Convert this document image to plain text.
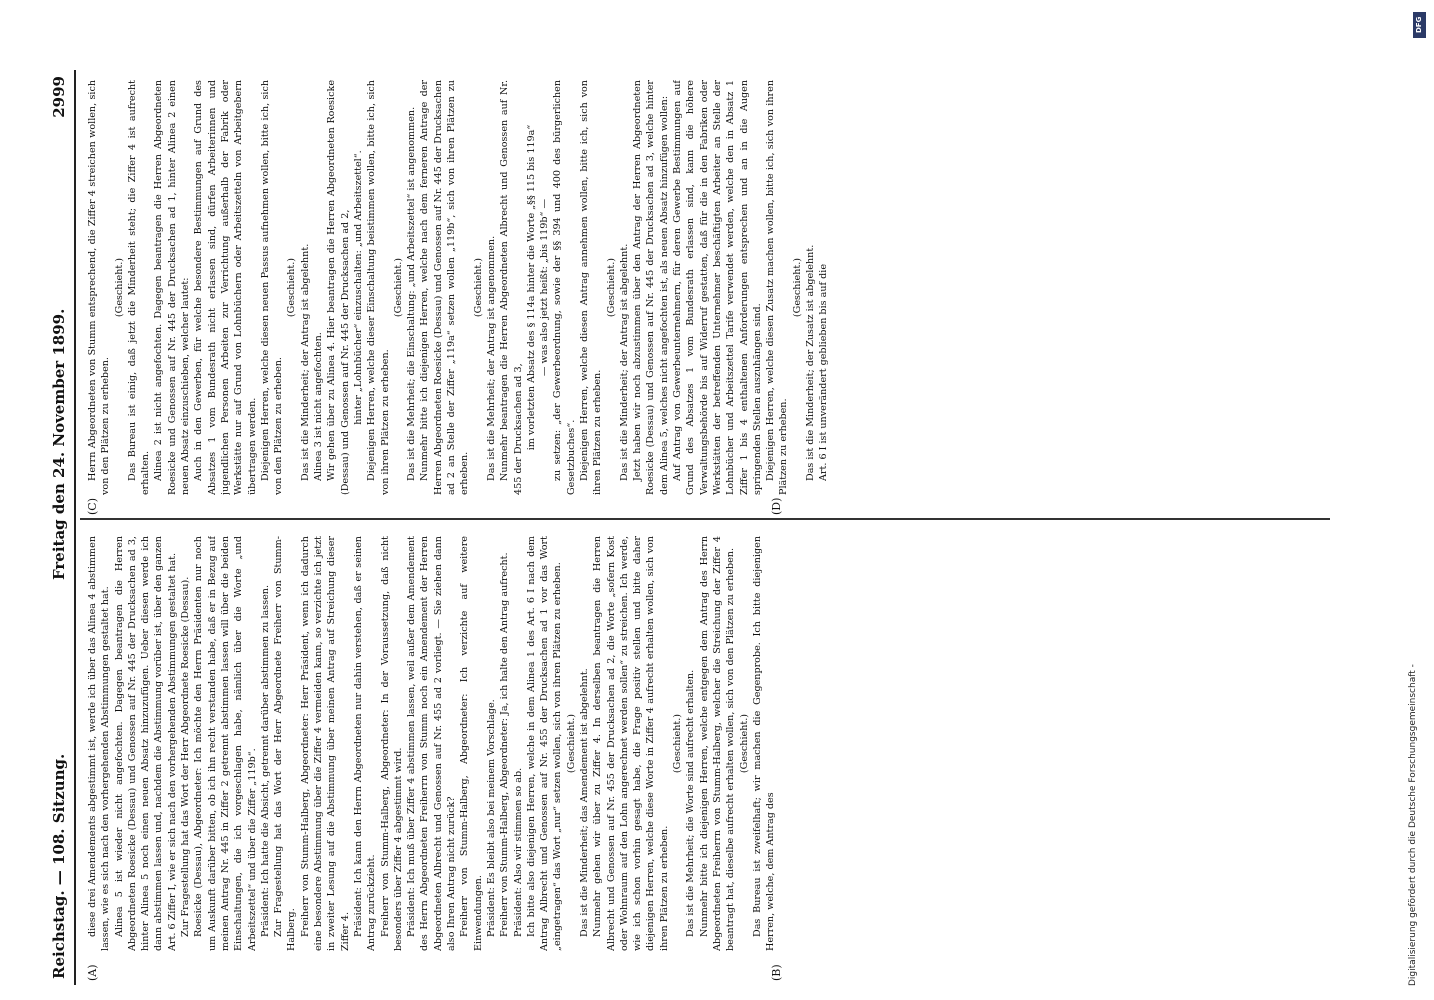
Reichstag. — 108. Sitzung.
Freitag den 24. November 1899.
2999
(A)	(B)
(C)	(D)

diese drei Amendements abgestimmt ist, werde ich über das Alinea 4 abstimmen lassen, wie es sich nach den vorhergehenden Abstimmungen gestaltet hat. Alinea 5 ist wieder nicht angefochten. Dagegen beantragen die Herren Abgeordneten Roesicke (Dessau) und Genossen auf Nr. 445 der Drucksachen ad 3, hinter Alinea 5 noch einen neuen Absatz hinzuzufügen. Ueber diesen werde ich dann abstimmen lassen und, nachdem die Abstimmung vorüber ist, über den ganzen Art. 6 Ziffer I, wie er sich nach den vorhergehenden Abstimmungen gestaltet hat. Zur Fragestellung hat das Wort der Herr Abgeordnete Roesicke (Dessau). Roesicke (Dessau), Abgeordneter: Ich möchte den Herrn Präsidenten nur noch um Auskunft darüber bitten, ob ich ihn recht verstanden habe, daß er in Bezug auf meinen Antrag Nr. 445 in Ziffer 2 getrennt abstimmen lassen will über die beiden Einschaltungen, die ich vorgeschlagen habe, nämlich über die Worte „und Arbeitszettel“ und über die Ziffer „119b“. Präsident: Ich hatte die Absicht, getrennt darüber abstimmen zu lassen. Zur Fragestellung hat das Wort der Herr Abgeordnete Freiherr von Stumm-Halberg. Freiherr von Stumm-Halberg, Abgeordneter: Herr Präsident, wenn ich dadurch eine besondere Abstimmung über die Ziffer 4 vermeiden kann, so verzichte ich jetzt in zweiter Lesung auf die Abstimmung über meinen Antrag auf Streichung dieser Ziffer 4. Präsident: Ich kann den Herrn Abgeordneten nur dahin verstehen, daß er seinen Antrag zurückzieht. Freiherr von Stumm-Halberg, Abgeordneter: In der Voraussetzung, daß nicht besonders über Ziffer 4 abgestimmt wird. Präsident: Ich muß über Ziffer 4 abstimmen lassen, weil außer dem Amendement des Herrn Abgeordneten Freiherrn von Stumm noch ein Amendement der Herren Abgeordneten Albrecht und Genossen auf Nr. 455 ad 2 vorliegt. — Sie ziehen dann also Ihren Antrag nicht zurück? Freiherr von Stumm-Halberg, Abgeordneter: Ich verzichte auf weitere Einwendungen. Präsident: Es bleibt also bei meinem Vorschlage. Freiherr von Stumm-Halberg, Abgeordneter: Ja, ich halte den Antrag aufrecht. Präsident: Also wir stimmen so ab. Ich bitte also diejenigen Herren, welche in dem Alinea 1 des Art. 6 I nach dem Antrag Albrecht und Genossen auf Nr. 455 der Drucksachen ad 1 vor das Wort „eingetragen“ das Wort „nur“ setzen wollen, sich von ihren Plätzen zu erheben. (Geschieht.) Das ist die Minderheit; das Amendement ist abgelehnt. Nunmehr gehen wir über zu Ziffer 4. In derselben beantragen die Herren Albrecht und Genossen auf Nr. 455 der Drucksachen ad 2, die Worte „sofern Kost oder Wohnraum auf den Lohn angerechnet werden sollen“ zu streichen. Ich werde, wie ich schon vorhin gesagt habe, die Frage positiv stellen und bitte daher diejenigen Herren, welche diese Worte in Ziffer 4 aufrecht erhalten wollen, sich von ihren Plätzen zu erheben.

(Geschieht.) Das ist die Mehrheit; die Worte sind aufrecht erhalten. Nunmehr bitte ich diejenigen Herren, welche entgegen dem Antrag des Herrn Abgeordneten Freiherrn von Stumm-Halberg, welcher die Streichung der Ziffer 4 beantragt hat, dieselbe aufrecht erhalten wollen, sich von den Plätzen zu erheben. (Geschieht.) Das Bureau ist zweifelhaft; wir machen die Gegenprobe. Ich bitte diejenigen Herren, welche, dem Antrag des

Herrn Abgeordneten von Stumm entsprechend, die Ziffer 4 streichen wollen, sich von den Plätzen zu erheben.

(Geschieht.) Das Bureau ist einig, daß jetzt die Minderheit steht; die Ziffer 4 ist aufrecht erhalten. Alinea 2 ist nicht angefochten. Dagegen beantragen die Herren Abgeordneten Roesicke und Genossen auf Nr. 445 der Drucksachen ad 1, hinter Alinea 2 einen neuen Absatz einzuschieben, welcher lautet: Auch in den Gewerben, für welche besondere Bestimmungen auf Grund des Absatzes 1 vom Bundesrath nicht erlassen sind, dürfen Arbeiterinnen und jugendlichen Personen Arbeiten zur Verrichtung außerhalb der Fabrik oder Werkstätte nur auf Grund von Lohnbüchern oder Arbeitszetteln von Arbeitgebern übertragen werden. Diejenigen Herren, welche diesen neuen Passus aufnehmen wollen, bitte ich, sich von den Plätzen zu erheben.

(Geschieht.) Das ist die Minderheit; der Antrag ist abgelehnt. Alinea 3 ist nicht angefochten. Wir gehen über zu Alinea 4. Hier beantragen die Herren Abgeordneten Roesicke (Dessau) und Genossen auf Nr. 445 der Drucksachen ad 2, hinter „Lohnbücher“ einzuschalten: „und Arbeitszettel“. Diejenigen Herren, welche dieser Einschaltung beistimmen wollen, bitte ich, sich von ihren Plätzen zu erheben.

(Geschieht.) Das ist die Mehrheit; die Einschaltung: „und Arbeitszettel“ ist angenommen. Nunmehr bitte ich diejenigen Herren, welche nach dem ferneren Antrage der Herren Abgeordneten Roesicke (Dessau) und Genossen auf Nr. 445 der Drucksachen ad 2 an Stelle der Ziffer „119a“ setzen wollen „119b“, sich von ihren Plätzen zu erheben.

(Geschieht.) Das ist die Mehrheit; der Antrag ist angenommen. Nunmehr beantragen die Herren Abgeordneten Albrecht und Genossen auf Nr. 455 der Drucksachen ad 3, im vorletzten Absatz des § 114a hinter die Worte „§§ 115 bis 119a“ — was also jetzt heißt: „bis 119b“ — zu setzen: „der Gewerbeordnung, sowie der §§ 394 und 400 des bürgerlichen Gesetzbuches“. Diejenigen Herren, welche diesen Antrag annehmen wollen, bitte ich, sich von ihren Plätzen zu erheben.

(Geschieht.) Das ist die Minderheit; der Antrag ist abgelehnt. Jetzt haben wir noch abzustimmen über den Antrag der Herren Abgeordneten Roesicke (Dessau) und Genossen auf Nr. 445 der Drucksachen ad 3, welche hinter dem Alinea 5, welches nicht angefochten ist, als neuen Absatz hinzufügen wollen: Auf Antrag von Gewerbeunternehmern, für deren Gewerbe Bestimmungen auf Grund des Absatzes 1 vom Bundesrath erlassen sind, kann die höhere Verwaltungsbehörde bis auf Widerruf gestatten, daß für die in den Fabriken oder Werkstätten der betreffenden Unternehmer beschäftigten Arbeiter an Stelle der Lohnbücher und Arbeitszettel Tarife verwendet werden, welche den in Absatz 1 Ziffer 1 bis 4 enthaltenen Anforderungen entsprechen und an in die Augen springenden Stellen auszuhängen sind. Diejenigen Herren, welche diesen Zusatz machen wollen, bitte ich, sich von ihren Plätzen zu erheben.

(Geschieht.) Das ist die Minderheit; der Zusatz ist abgelehnt. Art. 6 I ist unverändert geblieben bis auf die

DFG
Digitalisierung gefördert durch die Deutsche Forschungsgemeinschaft -
